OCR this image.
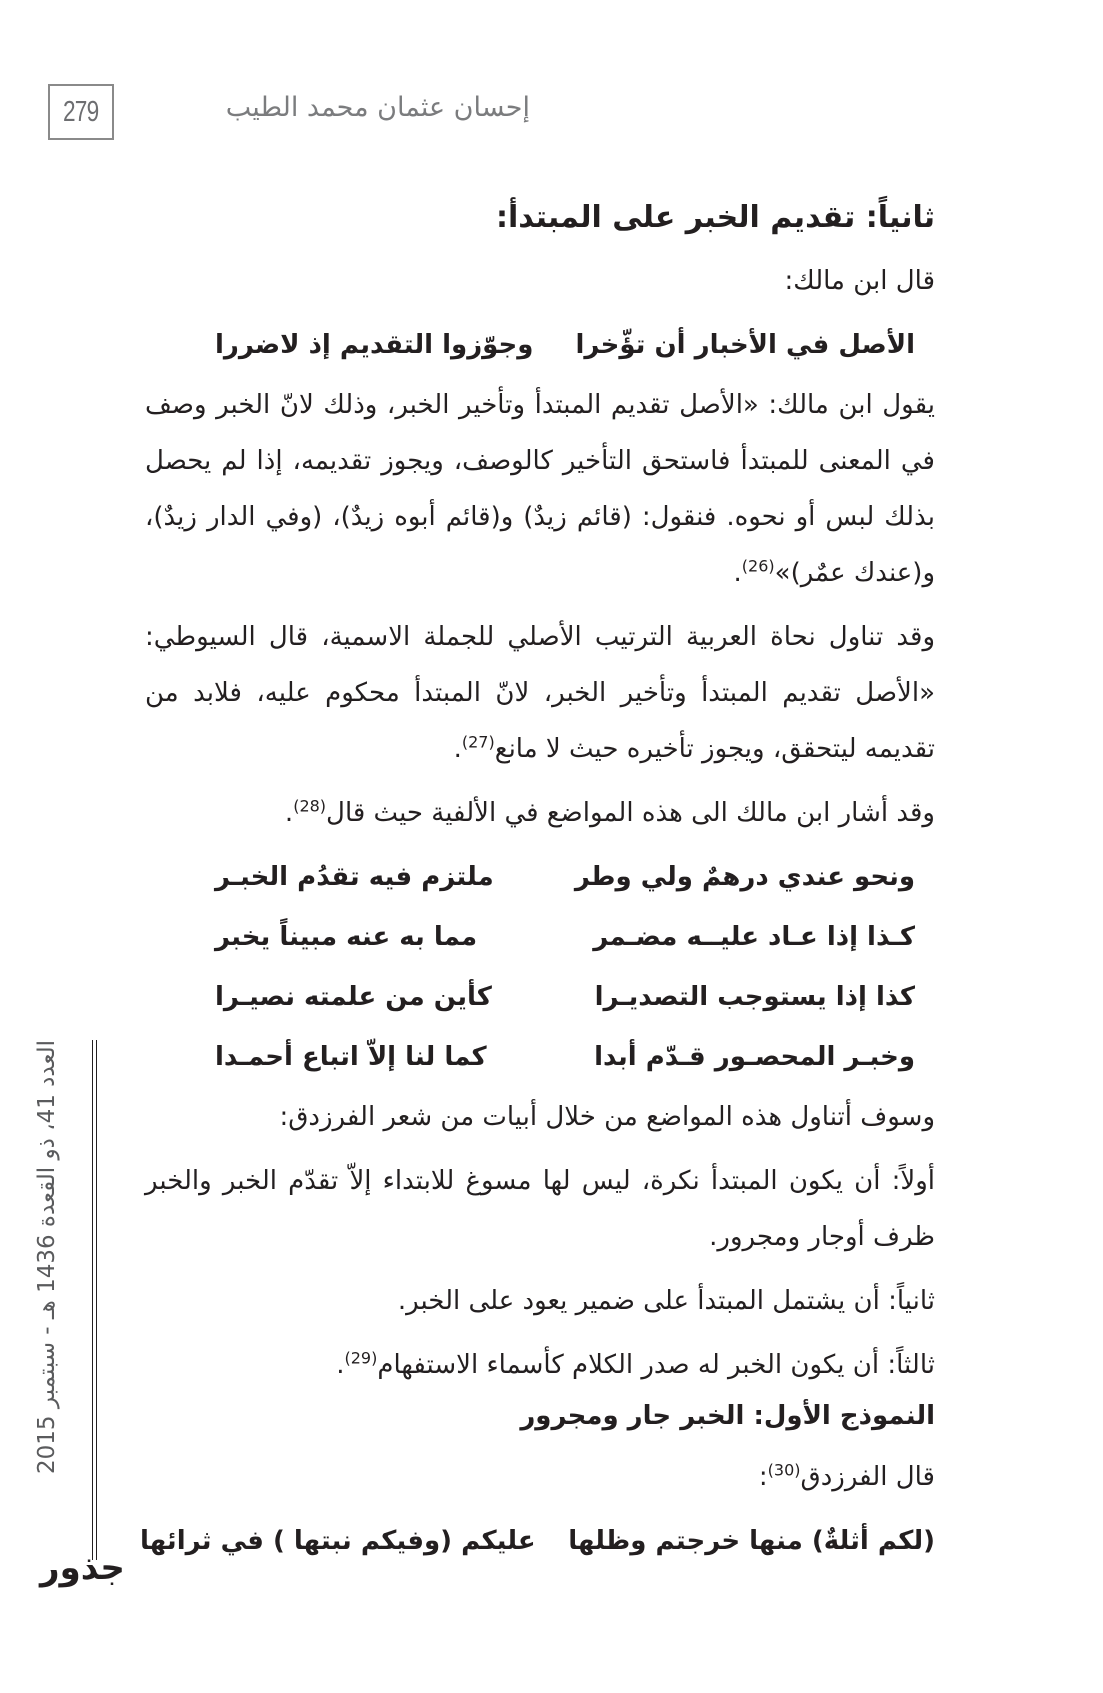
279	إحسان عثمان محمد الطيب
ثانياً: تقديم الخبر على المبتدأ:
قال ابن مالك:
الأصل في الأخبار أن تؤّخرا
وجوّزوا التقديم إذ لاضررا
يقول ابن مالك: «الأصل تقديم المبتدأ وتأخير الخبر، وذلك لانّ الخبر وصف في المعنى للمبتدأ فاستحق التأخير كالوصف، ويجوز تقديمه، إذا لم يحصل بذلك لبس أو نحوه. فنقول: (قائم زيدٌ) و(قائم أبوه زيدٌ)، (وفي الدار زيدٌ)، و(عندك عمٌر)»$^{(26)}$.
وقد تناول نحاة العربية الترتيب الأصلي للجملة الاسمية، قال السيوطي: «الأصل تقديم المبتدأ وتأخير الخبر، لانّ المبتدأ محكوم عليه، فلابد من تقديمه ليتحقق، ويجوز تأخيره حيث لا مانع$^{(27)}$.
وقد أشار ابن مالك الى هذه المواضع في الألفية حيث قال$^{(28)}$.
ونحو عندي درهمٌ ولي وطر
ملتزم فيه تقدُم الخبـر
كـذا إذا عـاد عليــه مضـمر
مما به عنه مبيناً يخبر
كذا إذا يستوجب التصديـرا
كأين من علمته نصيـرا
وخبـر المحصـور قـدّم أبدا
كما لنا إلاّ اتباع أحمـدا
وسوف أتناول هذه المواضع من خلال أبيات من شعر الفرزدق:
أولاً: أن يكون المبتدأ نكرة، ليس لها مسوغ للابتداء إلاّ تقدّم الخبر والخبر ظرف أوجار ومجرور.
ثانياً: أن يشتمل المبتدأ على ضمير يعود على الخبر.
ثالثاً: أن يكون الخبر له صدر الكلام كأسماء الاستفهام$^{(29)}$.
النموذج الأول: الخبر جار ومجرور
قال الفرزدق$^{(30)}$:
(لكم أثلةٌ) منها خرجتم وظلها
عليكم (وفيكم نبتها ) في ثرائها
العدد 41، ذو القعدة 1436 هـ - سبتمبر 2015
جذور
